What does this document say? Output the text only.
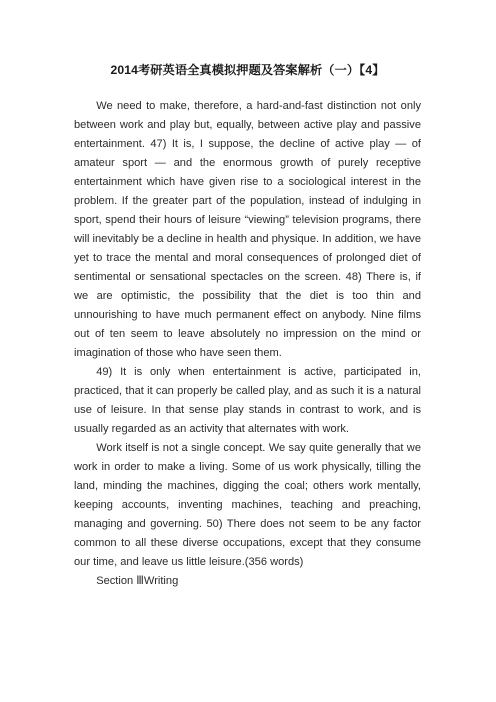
2014考研英语全真模拟押题及答案解析（一）【4】

We need to make, therefore, a hard-and-fast distinction not only between work and play but, equally, between active play and passive entertainment. 47) It is, I suppose, the decline of active play — of amateur sport — and the enormous growth of purely receptive entertainment which have given rise to a sociological interest in the problem. If the greater part of the population, instead of indulging in sport, spend their hours of leisure “viewing” television programs, there will inevitably be a decline in health and physique. In addition, we have yet to trace the mental and moral consequences of prolonged diet of sentimental or sensational spectacles on the screen. 48) There is, if we are optimistic, the possibility that the diet is too thin and unnourishing to have much permanent effect on anybody. Nine films out of ten seem to leave absolutely no impression on the mind or imagination of those who have seen them.

49) It is only when entertainment is active, participated in, practiced, that it can properly be called play, and as such it is a natural use of leisure. In that sense play stands in contrast to work, and is usually regarded as an activity that alternates with work.

Work itself is not a single concept. We say quite generally that we work in order to make a living. Some of us work physically, tilling the land, minding the machines, digging the coal; others work mentally, keeping accounts, inventing machines, teaching and preaching, managing and governing. 50) There does not seem to be any factor common to all these diverse occupations, except that they consume our time, and leave us little leisure.(356 words)

Section ⅢWriting
